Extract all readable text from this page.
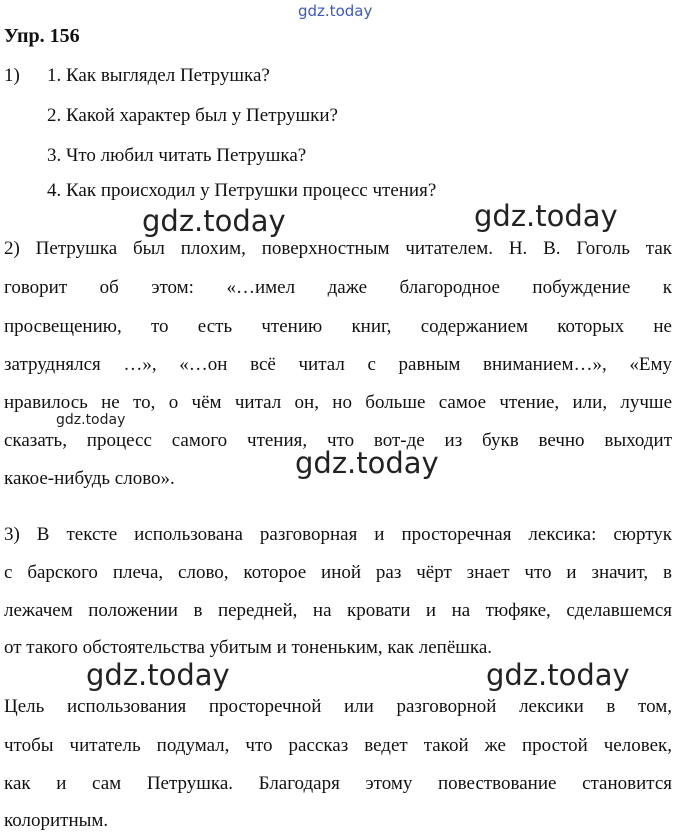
gdz.today
gdz.today	gdz.today
gdz.today
gdz.today
gdz.today	gdz.today
Упр. 156
1) 1. Как выглядел Петрушка?
2. Какой характер был у Петрушки?
3. Что любил читать Петрушка?
4. Как происходил у Петрушки процесс чтения?
2) Петрушка был плохим, поверхностным читателем. Н. В. Гоголь так
говорит об этом: «…имел даже благородное побуждение к
просвещению, то есть чтению книг, содержанием которых не
затруднялся …», «…он всё читал с равным вниманием…», «Ему
нравилось не то, о чём читал он, но больше самое чтение, или, лучше
сказать, процесс самого чтения, что вот-де из букв вечно выходит
какое-нибудь слово».
3) В тексте использована разговорная и просторечная лексика: сюртук
с барского плеча, слово, которое иной раз чёрт знает что и значит, в
лежачем положении в передней, на кровати и на тюфяке, сделавшемся
от такого обстоятельства убитым и тоненьким, как лепёшка.
Цель использования просторечной или разговорной лексики в том,
чтобы читатель подумал, что рассказ ведет такой же простой человек,
как и сам Петрушка. Благодаря этому повествование становится
колоритным.
